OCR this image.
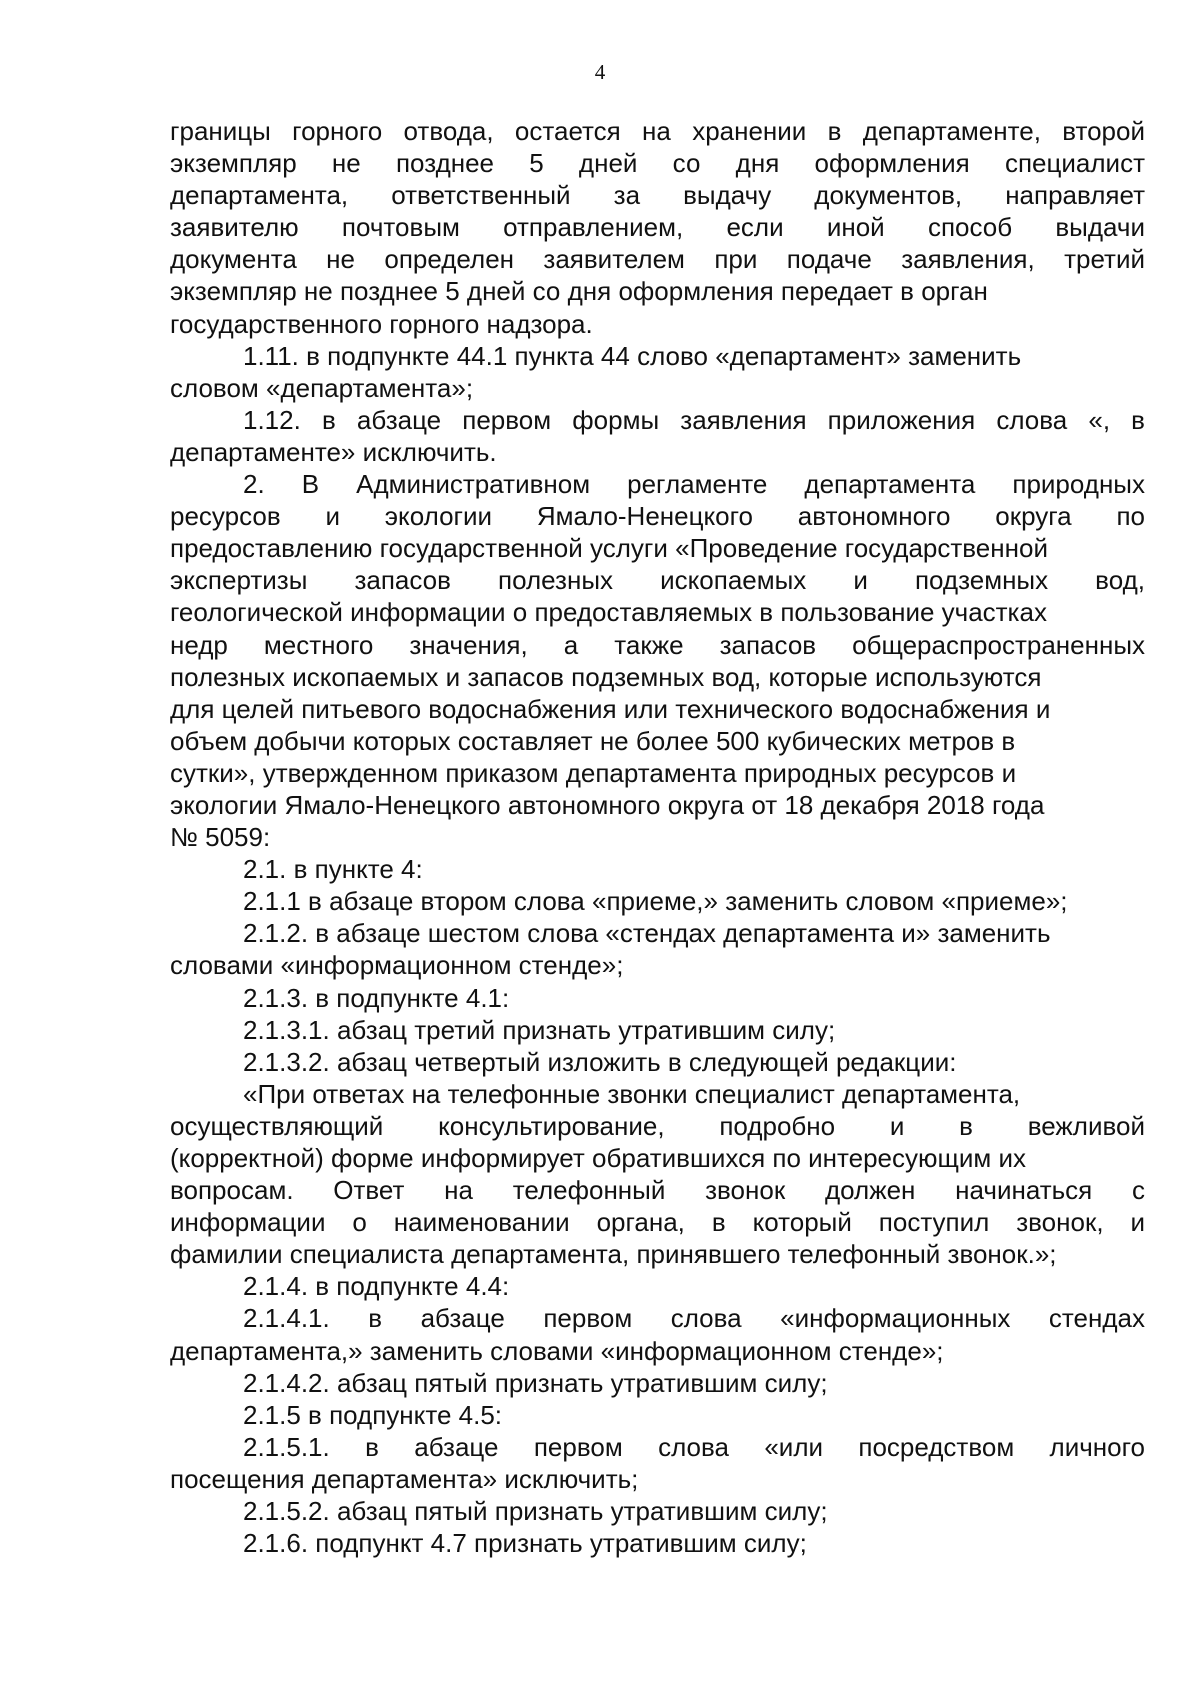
4
границы горного отвода, остается на хранении в департаменте, второй
экземпляр не позднее 5 дней со дня оформления специалист
департамента, ответственный за выдачу документов, направляет
заявителю почтовым отправлением, если иной способ выдачи
документа не определен заявителем при подаче заявления, третий
экземпляр не позднее 5 дней со дня оформления передает в орган
государственного горного надзора.
1.11. в подпункте 44.1 пункта 44 слово «департамент» заменить
словом «департамента»;
1.12. в абзаце первом формы заявления приложения слова «, в
департаменте» исключить.
2. В Административном регламенте департамента природных
ресурсов и экологии Ямало-Ненецкого автономного округа по
предоставлению государственной услуги «Проведение государственной
экспертизы запасов полезных ископаемых и подземных вод,
геологической информации о предоставляемых в пользование участках
недр местного значения, а также запасов общераспространенных
полезных ископаемых и запасов подземных вод, которые используются
для целей питьевого водоснабжения или технического водоснабжения и
объем добычи которых составляет не более 500 кубических метров в
сутки», утвержденном приказом департамента природных ресурсов и
экологии Ямало-Ненецкого автономного округа от 18 декабря 2018 года
№ 5059:
2.1. в пункте 4:
2.1.1 в абзаце втором слова «приеме,» заменить словом «приеме»;
2.1.2. в абзаце шестом слова «стендах департамента и» заменить
словами «информационном стенде»;
2.1.3. в подпункте 4.1:
2.1.3.1. абзац третий признать утратившим силу;
2.1.3.2. абзац четвертый изложить в следующей редакции:
«При ответах на телефонные звонки специалист департамента,
осуществляющий консультирование, подробно и в вежливой
(корректной) форме информирует обратившихся по интересующим их
вопросам. Ответ на телефонный звонок должен начинаться с
информации о наименовании органа, в который поступил звонок, и
фамилии специалиста департамента, принявшего телефонный звонок.»;
2.1.4. в подпункте 4.4:
2.1.4.1. в абзаце первом слова «информационных стендах
департамента,» заменить словами «информационном стенде»;
2.1.4.2. абзац пятый признать утратившим силу;
2.1.5 в подпункте 4.5:
2.1.5.1. в абзаце первом слова «или посредством личного
посещения департамента» исключить;
2.1.5.2. абзац пятый признать утратившим силу;
2.1.6. подпункт 4.7 признать утратившим силу;
